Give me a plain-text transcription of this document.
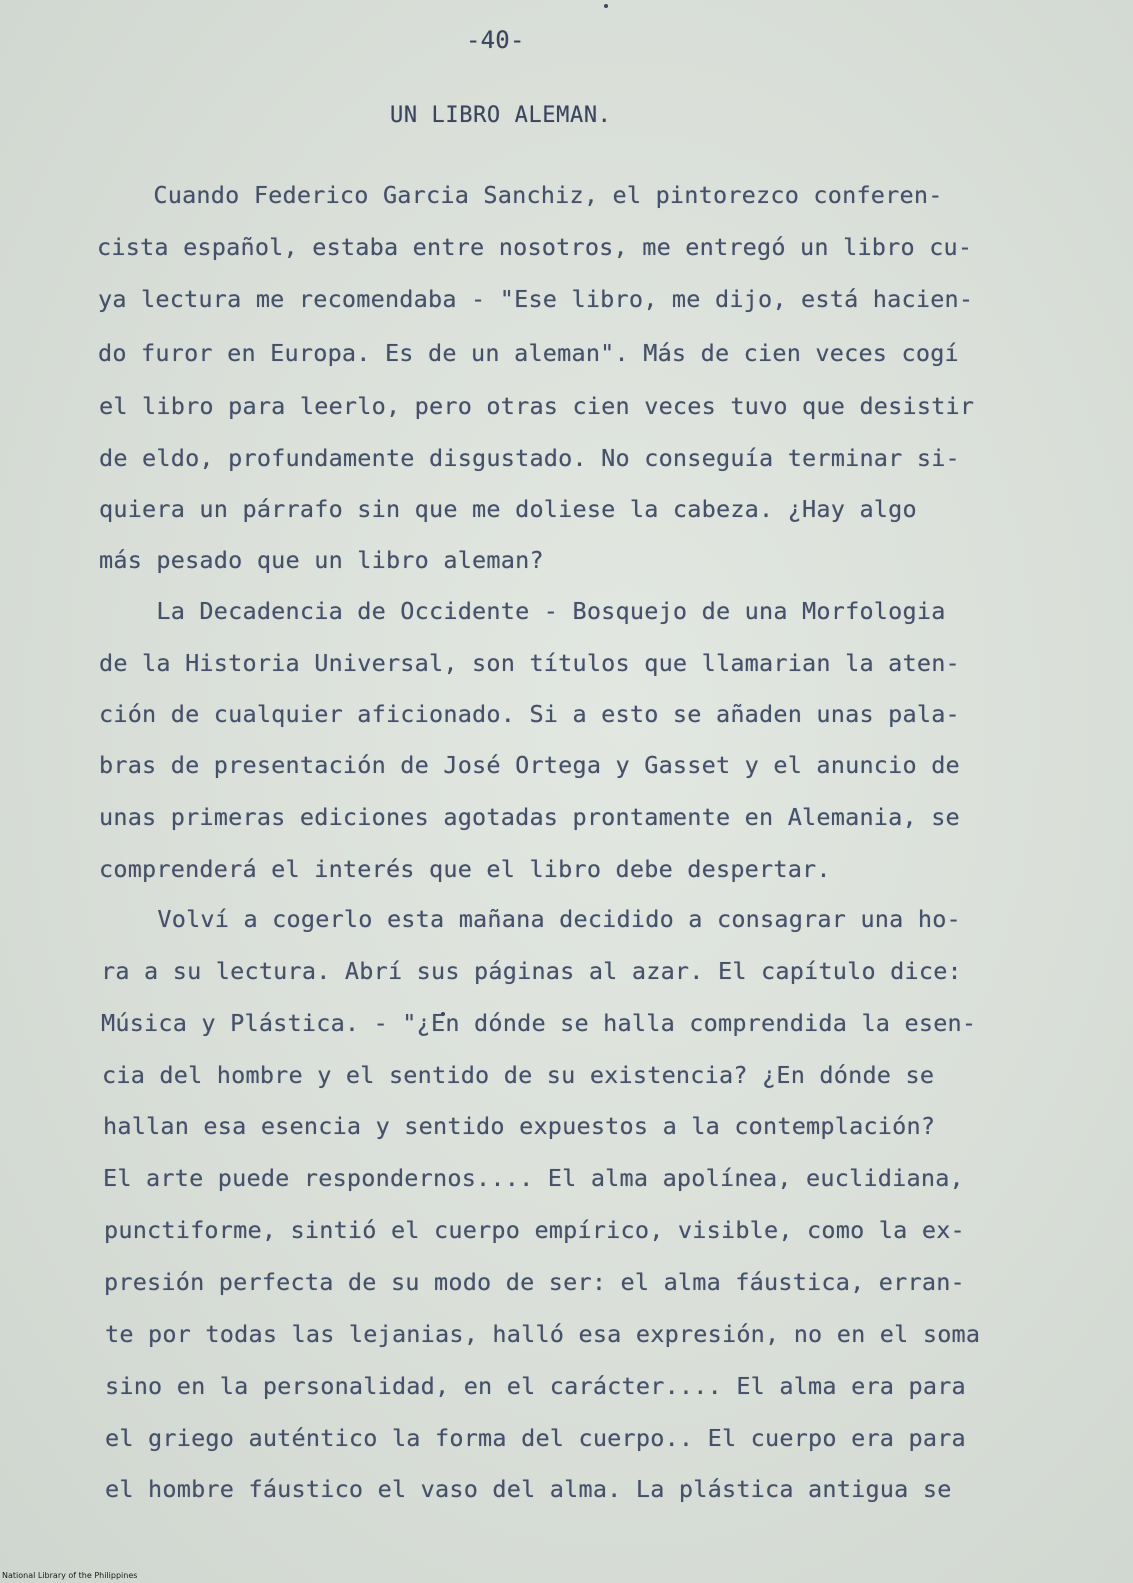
-40-
UN LIBRO ALEMAN.
Cuando Federico Garcia Sanchiz, el pintorezco conferen-
cista español, estaba entre nosotros, me entregó un libro cu-
ya lectura me recomendaba - "Ese libro, me dijo, está hacien-
do furor en Europa. Es de un aleman". Más de cien veces cogí
el libro para leerlo, pero otras cien veces tuvo que desistir
de eldo, profundamente disgustado. No conseguía terminar si-
quiera un párrafo sin que me doliese la cabeza. ¿Hay algo
más pesado que un libro aleman?
La Decadencia de Occidente - Bosquejo de una Morfologia
de la Historia Universal, son títulos que llamarian la aten-
ción de cualquier aficionado. Si a esto se añaden unas pala-
bras de presentación de José Ortega y Gasset y el anuncio de
unas primeras ediciones agotadas prontamente en Alemania, se
comprenderá el interés que el libro debe despertar.
Volví a cogerlo esta mañana decidido a consagrar una ho-
ra a su lectura. Abrí sus páginas al azar. El capítulo dice:
Música y Plástica. - "¿En dónde se halla comprendida la esen-
cia del hombre y el sentido de su existencia? ¿En dónde se
hallan esa esencia y sentido expuestos a la contemplación?
El arte puede respondernos.... El alma apolínea, euclidiana,
punctiforme, sintió el cuerpo empírico, visible, como la ex-
presión perfecta de su modo de ser: el alma fáustica, erran-
te por todas las lejanias, halló esa expresión, no en el soma
sino en la personalidad, en el carácter.... El alma era para
el griego auténtico la forma del cuerpo.. El cuerpo era para
el hombre fáustico el vaso del alma. La plástica antigua se
National Library of the Philippines
